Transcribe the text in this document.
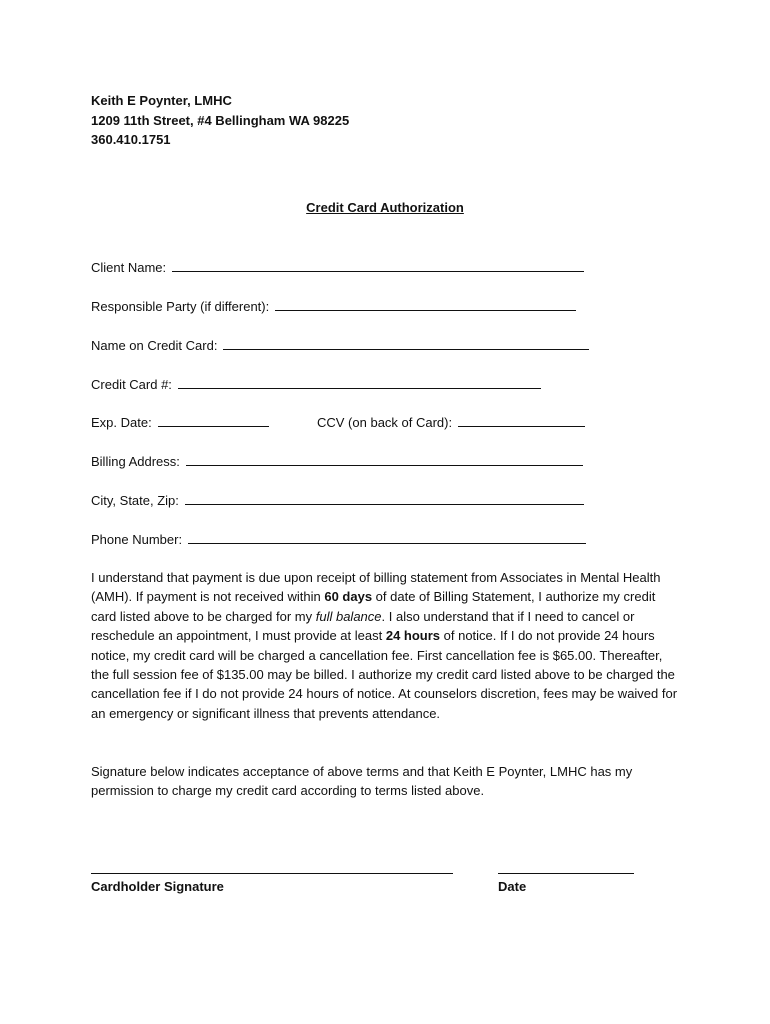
Keith E Poynter, LMHC
1209 11th Street, #4 Bellingham WA 98225
360.410.1751
Credit Card Authorization
Client Name:
Responsible Party (if different):
Name on Credit Card:
Credit Card #:
Exp. Date:	CCV (on back of Card):
Billing Address:
City, State, Zip:
Phone Number:
I understand that payment is due upon receipt of billing statement from Associates in Mental Health (AMH). If payment is not received within 60 days of date of Billing Statement, I authorize my credit card listed above to be charged for my full balance. I also understand that if I need to cancel or reschedule an appointment, I must provide at least 24 hours of notice. If I do not provide 24 hours notice, my credit card will be charged a cancellation fee. First cancellation fee is $65.00. Thereafter, the full session fee of $135.00 may be billed. I authorize my credit card listed above to be charged the cancellation fee if I do not provide 24 hours of notice. At counselors discretion, fees may be waived for an emergency or significant illness that prevents attendance.
Signature below indicates acceptance of above terms and that Keith E Poynter, LMHC has my permission to charge my credit card according to terms listed above.
Cardholder Signature	Date
